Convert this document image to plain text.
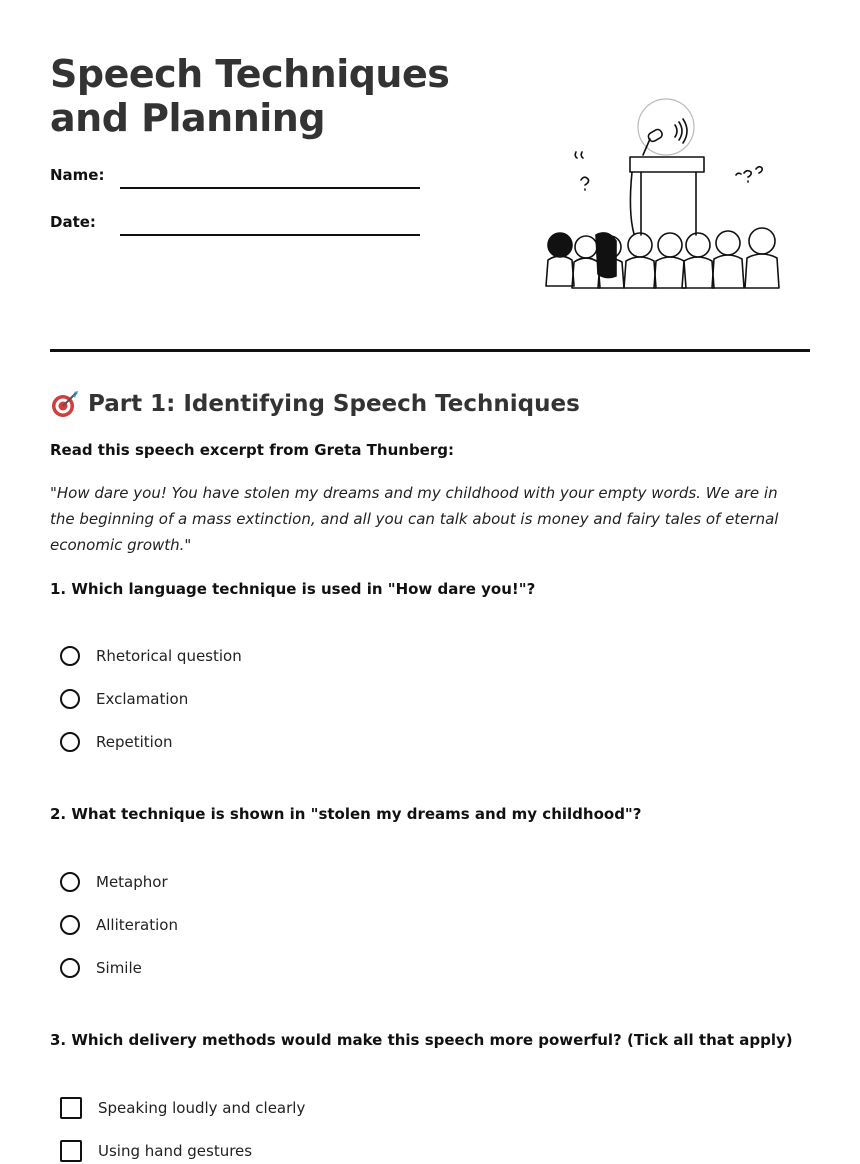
Speech Techniques and Planning
Name:
Date:
Part 1: Identifying Speech Techniques
Read this speech excerpt from Greta Thunberg:
"How dare you! You have stolen my dreams and my childhood with your empty words. We are in the beginning of a mass extinction, and all you can talk about is money and fairy tales of eternal economic growth."
1. Which language technique is used in "How dare you!"?
Rhetorical question
Exclamation
Repetition
2. What technique is shown in "stolen my dreams and my childhood"?
Metaphor
Alliteration
Simile
3. Which delivery methods would make this speech more powerful? (Tick all that apply)
Speaking loudly and clearly
Using hand gestures
